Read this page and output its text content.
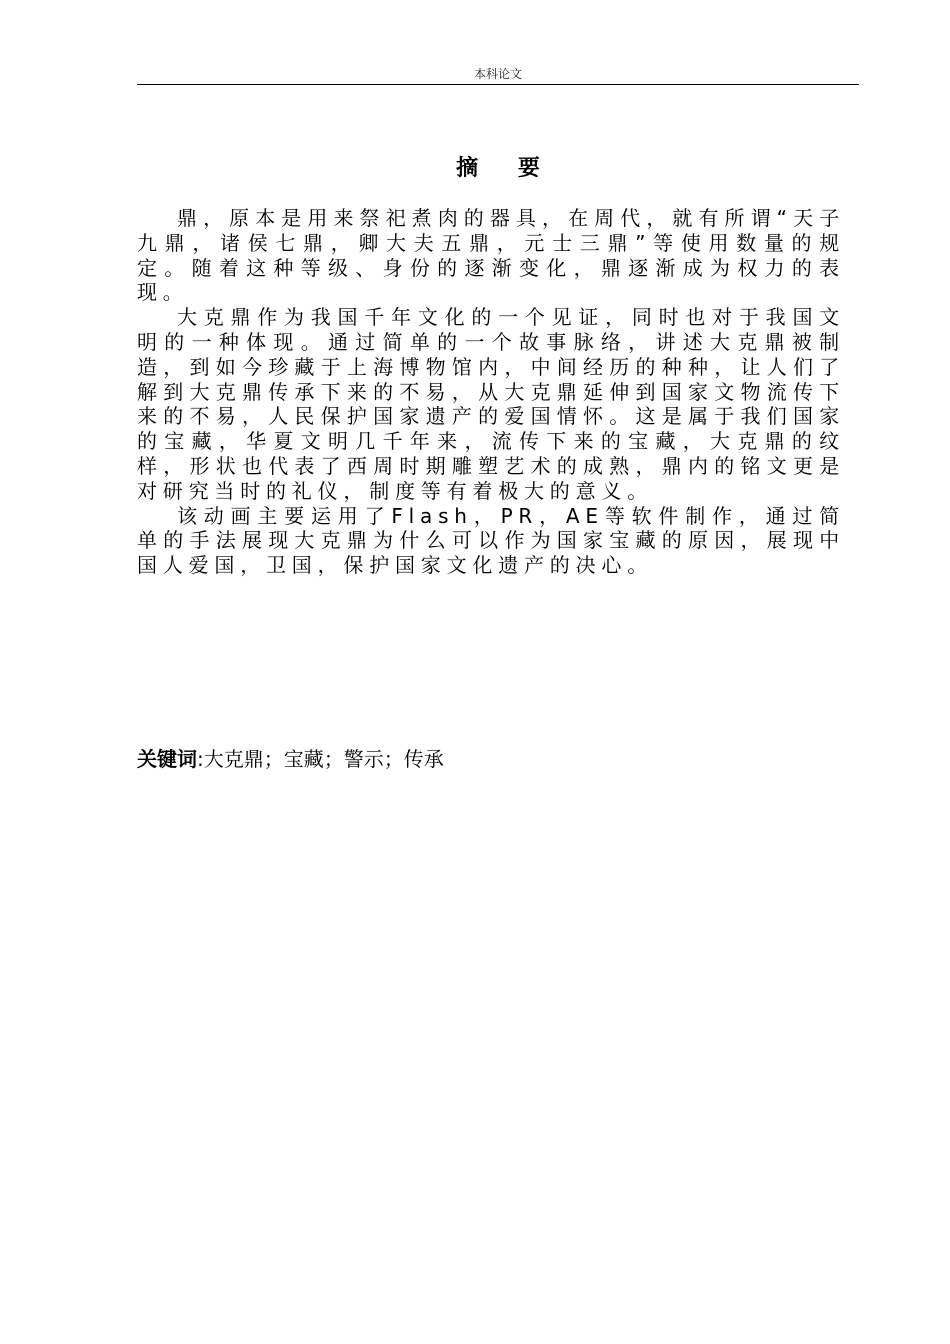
本科论文
摘 要

鼎，原本是用来祭祀煮肉的器具，在周代，就有所谓“天子九鼎，诸侯七鼎，卿大夫五鼎，元士三鼎”等使用数量的规定。随着这种等级、身份的逐渐变化，鼎逐渐成为权力的表现。

大克鼎作为我国千年文化的一个见证，同时也对于我国文明的一种体现。通过简单的一个故事脉络，讲述大克鼎被制造，到如今珍藏于上海博物馆内，中间经历的种种，让人们了解到大克鼎传承下来的不易，从大克鼎延伸到国家文物流传下来的不易，人民保护国家遗产的爱国情怀。这是属于我们国家的宝藏，华夏文明几千年来，流传下来的宝藏，大克鼎的纹样，形状也代表了西周时期雕塑艺术的成熟，鼎内的铭文更是对研究当时的礼仪，制度等有着极大的意义。

该动画主要运用了Flash，PR，AE等软件制作，通过简单的手法展现大克鼎为什么可以作为国家宝藏的原因，展现中国人爱国，卫国，保护国家文化遗产的决心。

关键词:大克鼎；宝藏；警示；传承
